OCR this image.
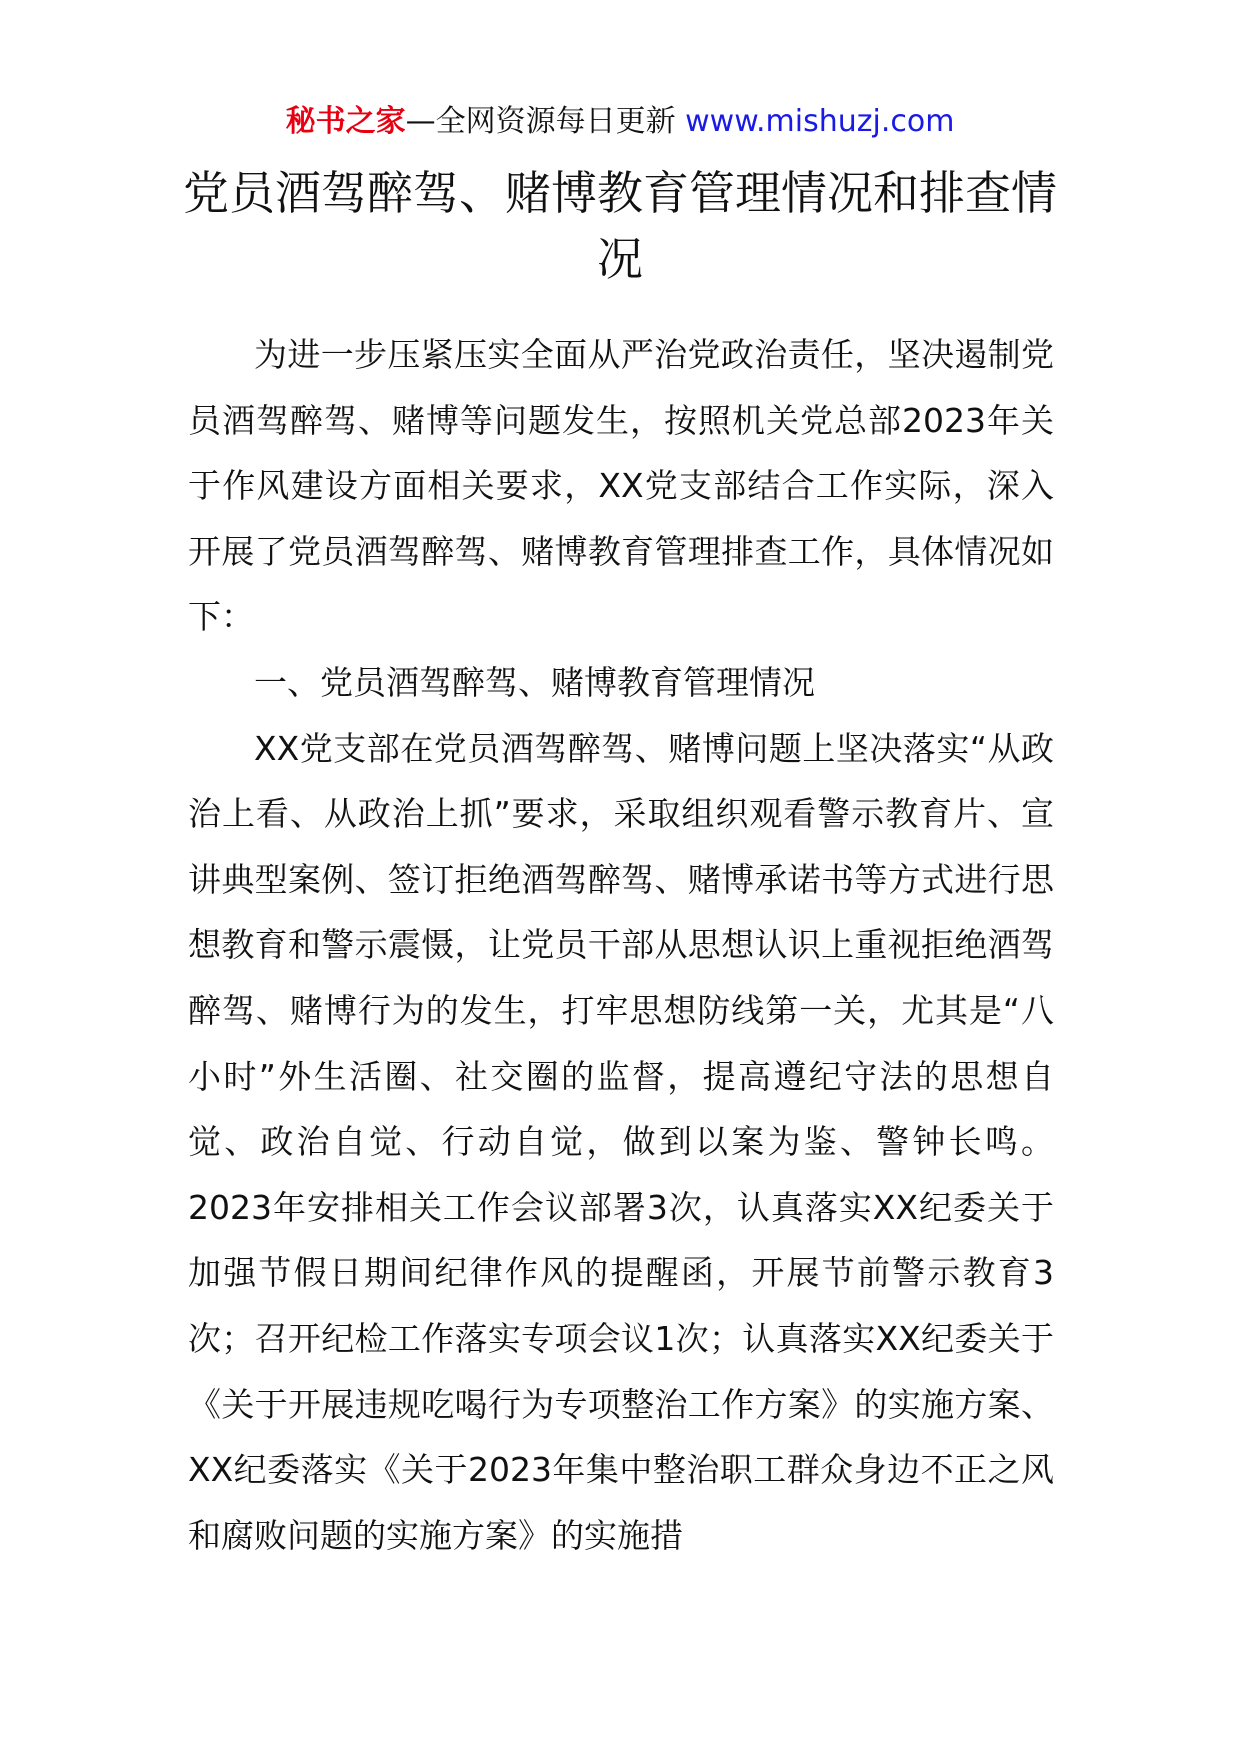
秘书之家—全网资源每日更新 www.mishuzj.com
党员酒驾醉驾、赌博教育管理情况和排查情况

为进一步压紧压实全面从严治党政治责任，坚决遏制党员酒驾醉驾、赌博等问题发生，按照机关党总部2023年关于作风建设方面相关要求，XX党支部结合工作实际，深入开展了党员酒驾醉驾、赌博教育管理排查工作，具体情况如下：

一、党员酒驾醉驾、赌博教育管理情况

XX党支部在党员酒驾醉驾、赌博问题上坚决落实“从政治上看、从政治上抓”要求，采取组织观看警示教育片、宣讲典型案例、签订拒绝酒驾醉驾、赌博承诺书等方式进行思想教育和警示震慑，让党员干部从思想认识上重视拒绝酒驾醉驾、赌博行为的发生，打牢思想防线第一关，尤其是“八小时”外生活圈、社交圈的监督，提高遵纪守法的思想自觉、政治自觉、行动自觉，做到以案为鉴、警钟长鸣。2023年安排相关工作会议部署3次，认真落实XX纪委关于加强节假日期间纪律作风的提醒函，开展节前警示教育3次；召开纪检工作落实专项会议1次；认真落实XX纪委关于《关于开展违规吃喝行为专项整治工作方案》的实施方案、XX纪委落实《关于2023年集中整治职工群众身边不正之风和腐败问题的实施方案》的实施措
